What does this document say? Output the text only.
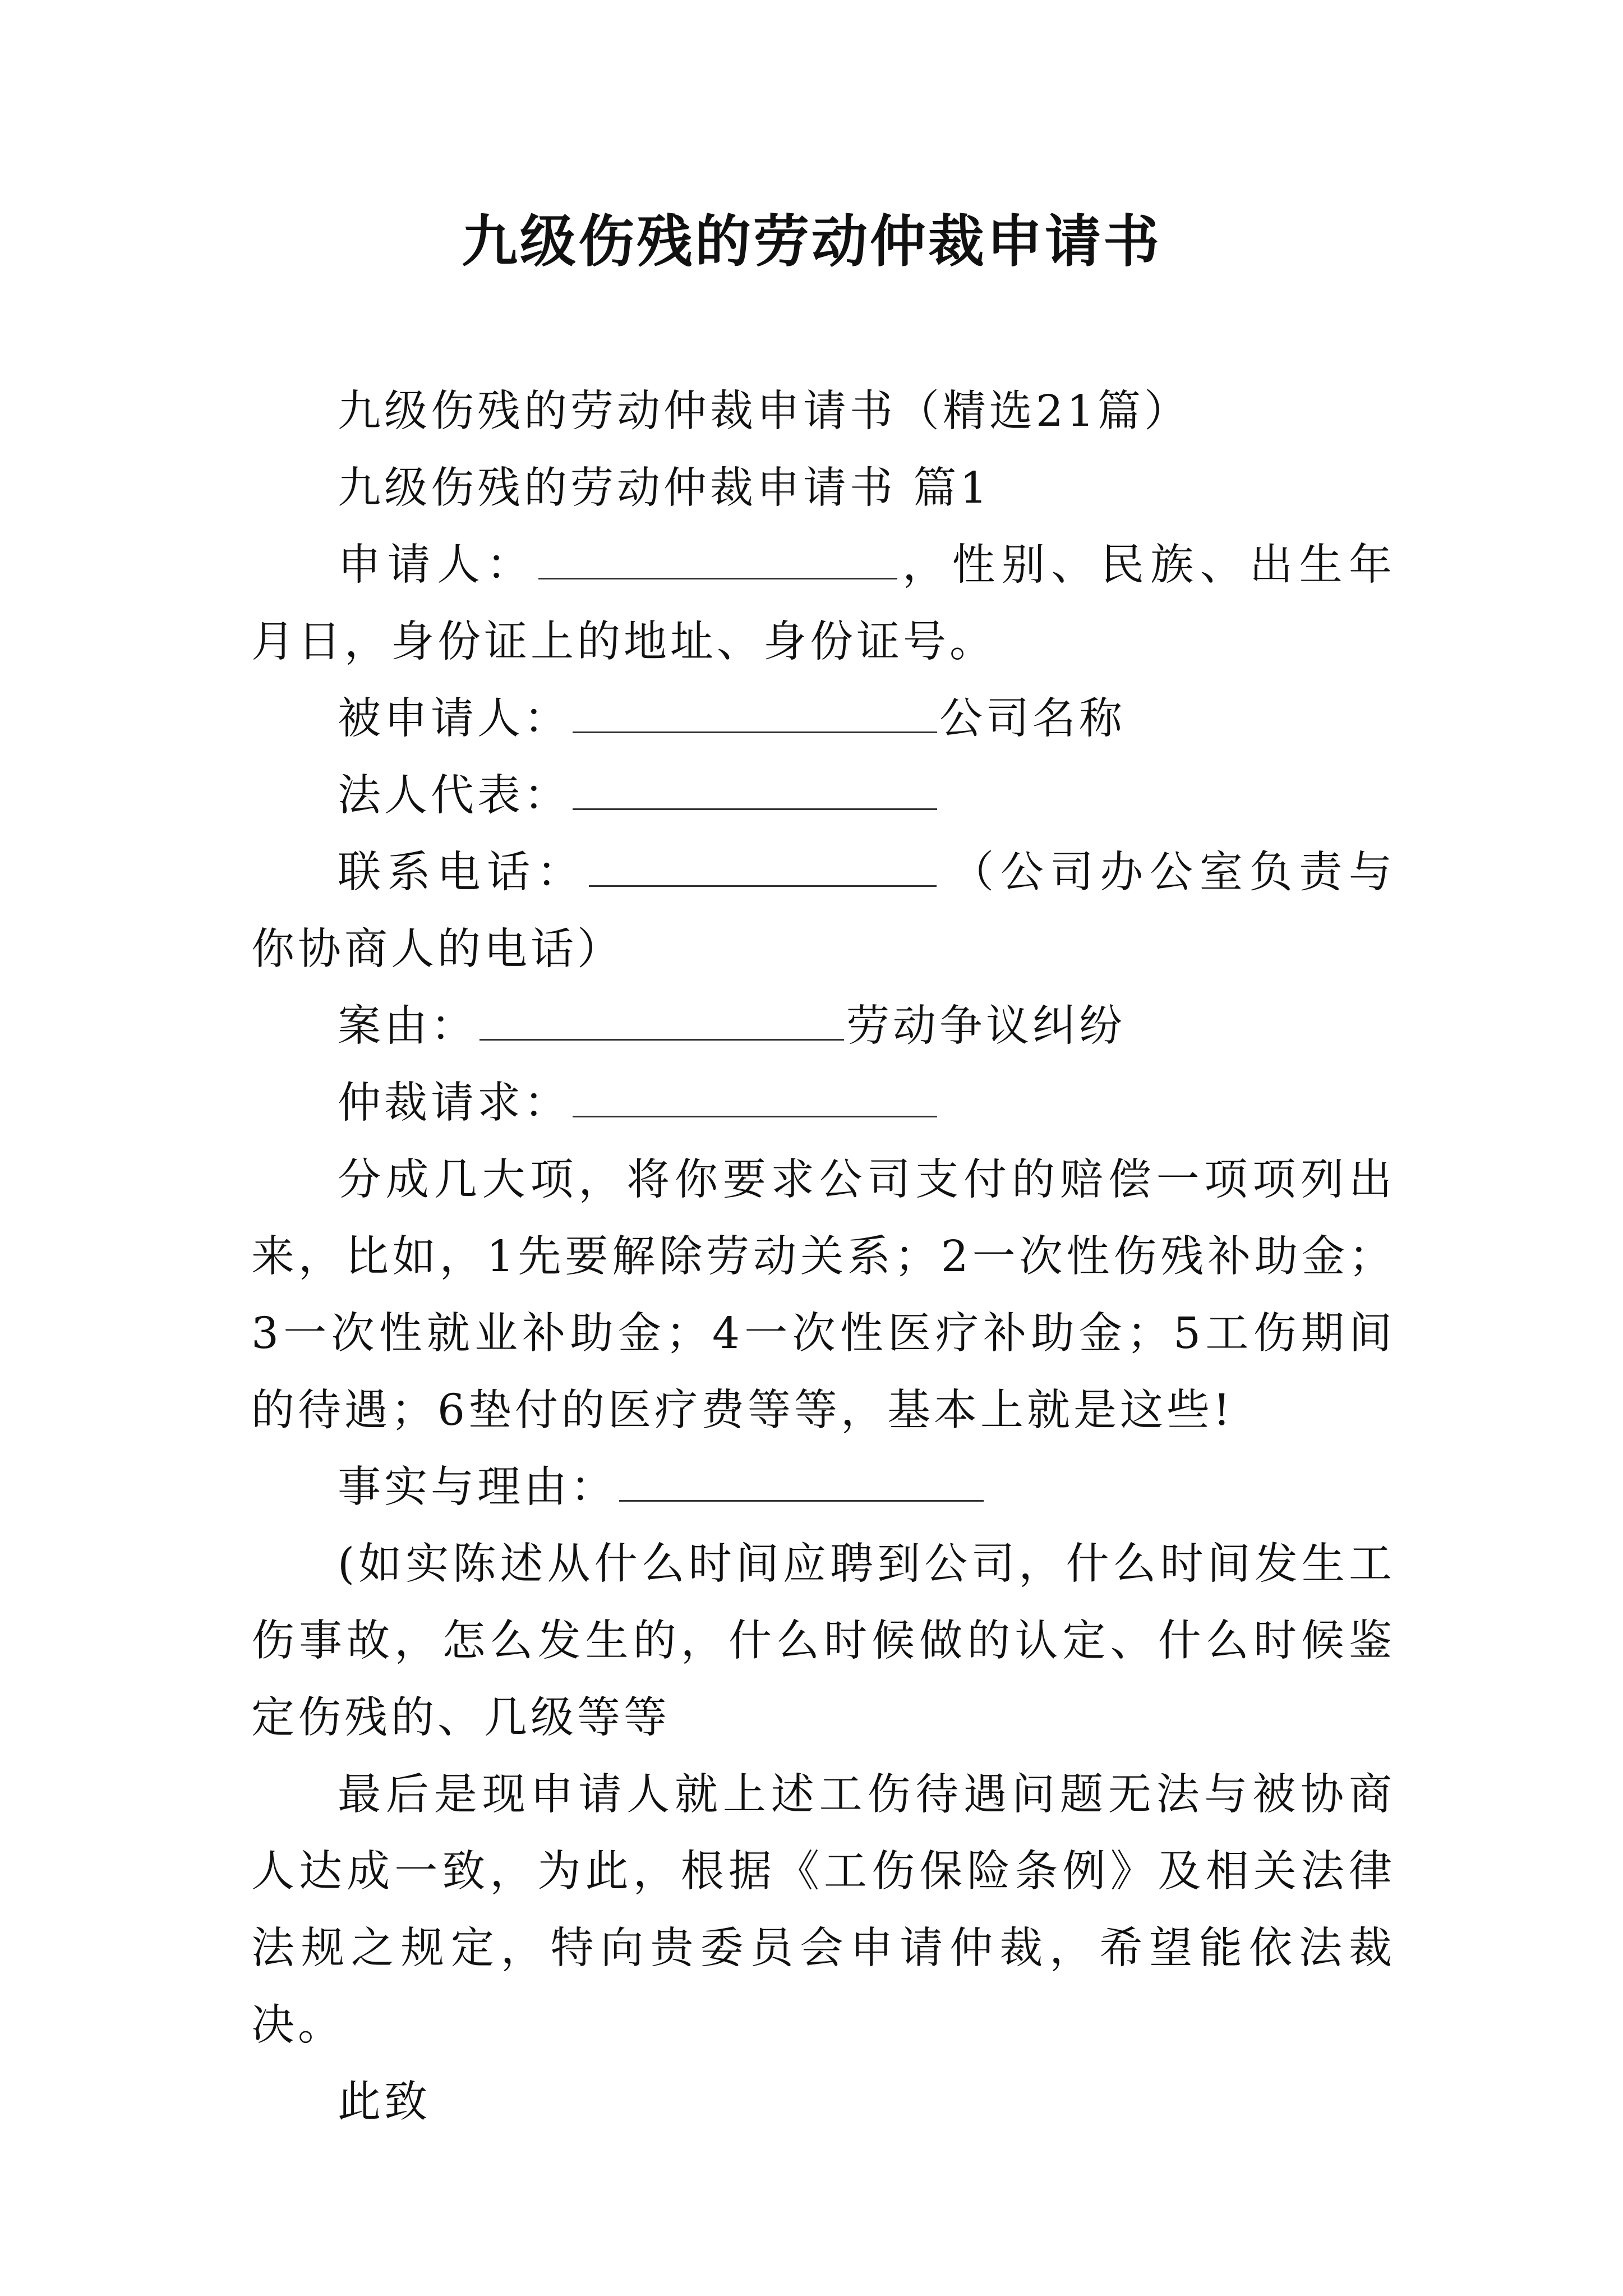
九级伤残的劳动仲裁申请书

九级伤残的劳动仲裁申请书（精选21篇）

九级伤残的劳动仲裁申请书 篇1

申请人：	，性别、民族、出生年月日，身份证上的地址、身份证号。

被申请人：	公司名称

法人代表：

联系电话：	（公司办公室负责与你协商人的电话）

案由：	劳动争议纠纷

仲裁请求：

分成几大项，将你要求公司支付的赔偿一项项列出来，比如，1先要解除劳动关系；2一次性伤残补助金；3一次性就业补助金；4一次性医疗补助金；5工伤期间的待遇；6垫付的医疗费等等，基本上就是这些!

事实与理由：

(如实陈述从什么时间应聘到公司，什么时间发生工伤事故，怎么发生的，什么时候做的认定、什么时候鉴定伤残的、几级等等

最后是现申请人就上述工伤待遇问题无法与被协商人达成一致，为此，根据《工伤保险条例》及相关法律法规之规定，特向贵委员会申请仲裁，希望能依法裁决。

此致
